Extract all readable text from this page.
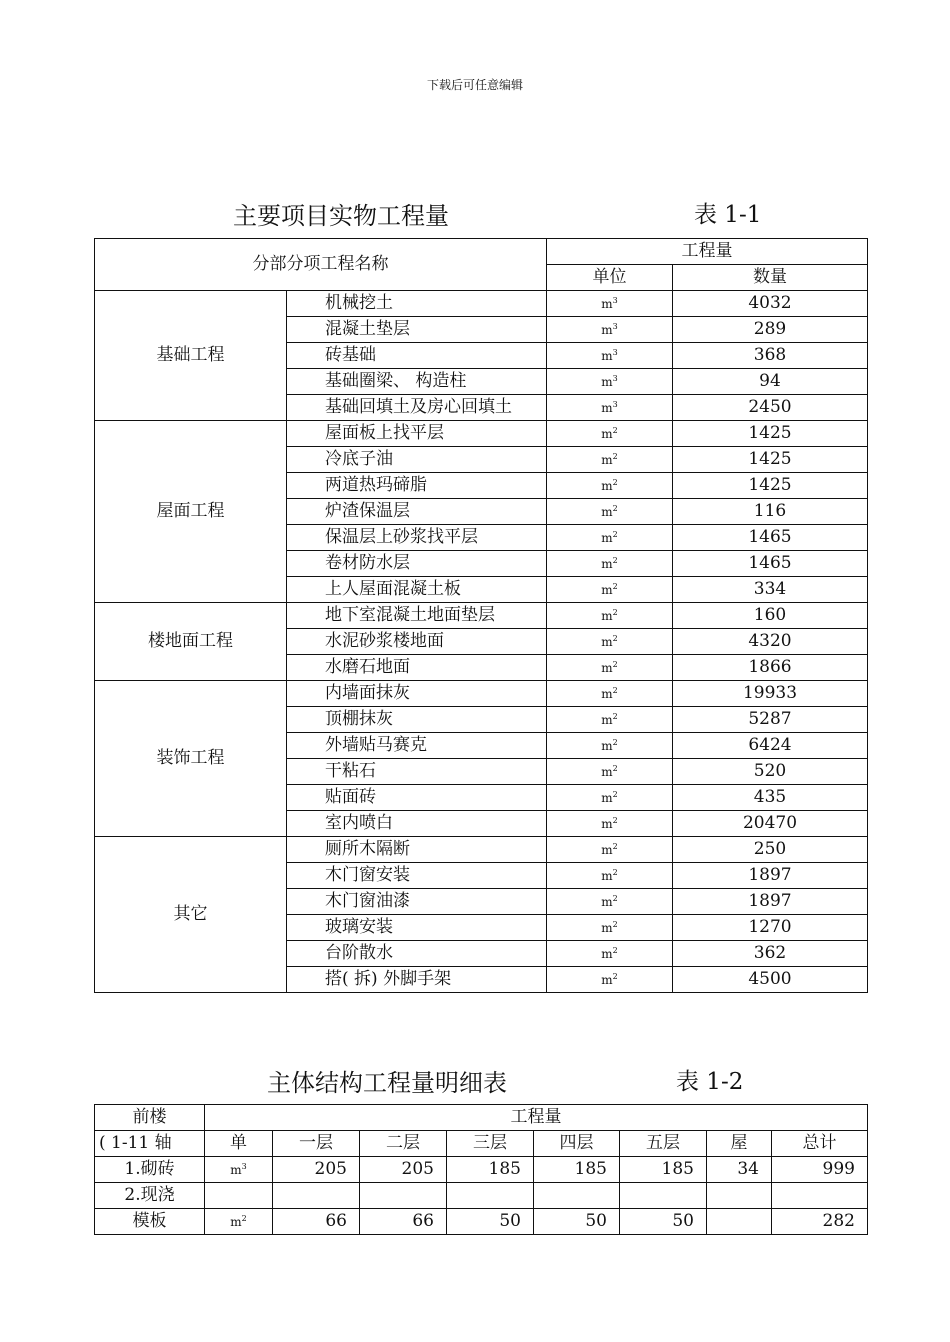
下载后可任意编辑
主要项目实物工程量	表 1-1
分部分项工程名称		工程量	
		单位	数量
基础工程	机械挖土	$m^3$	4032
	混凝土垫层	$m^3$	289
	砖基础	$m^3$	368
	基础圈梁、 构造柱	$m^3$	94
	基础回填土及房心回填土	$m^3$	2450
屋面工程	屋面板上找平层	$m^2$	1425
	冷底子油	$m^2$	1425
	两道热玛碲脂	$m^2$	1425
	炉渣保温层	$m^2$	116
	保温层上砂浆找平层	$m^2$	1465
	卷材防水层	$m^2$	1465
	上人屋面混凝土板	$m^2$	334
楼地面工程	地下室混凝土地面垫层	$m^2$	160
	水泥砂浆楼地面	$m^2$	4320
	水磨石地面	$m^2$	1866
装饰工程	内墙面抹灰	$m^2$	19933
	顶棚抹灰	$m^2$	5287
	外墙贴马赛克	$m^2$	6424
	干粘石	$m^2$	520
	贴面砖	$m^2$	435
	室内喷白	$m^2$	20470
其它	厕所木隔断	$m^2$	250
	木门窗安装	$m^2$	1897
	木门窗油漆	$m^2$	1897
	玻璃安装	$m^2$	1270
	台阶散水	$m^2$	362
	搭( 拆) 外脚手架	$m^2$	4500
主体结构工程量明细表	表 1-2
前楼	工程量							
( 1-11 轴	单	一层	二层	三层	四层	五层	屋	总计
1.砌砖	$m^3$	205	205	185	185	185	34	999
2.现浇								
模板	$m^2$	66	66	50	50	50		282
